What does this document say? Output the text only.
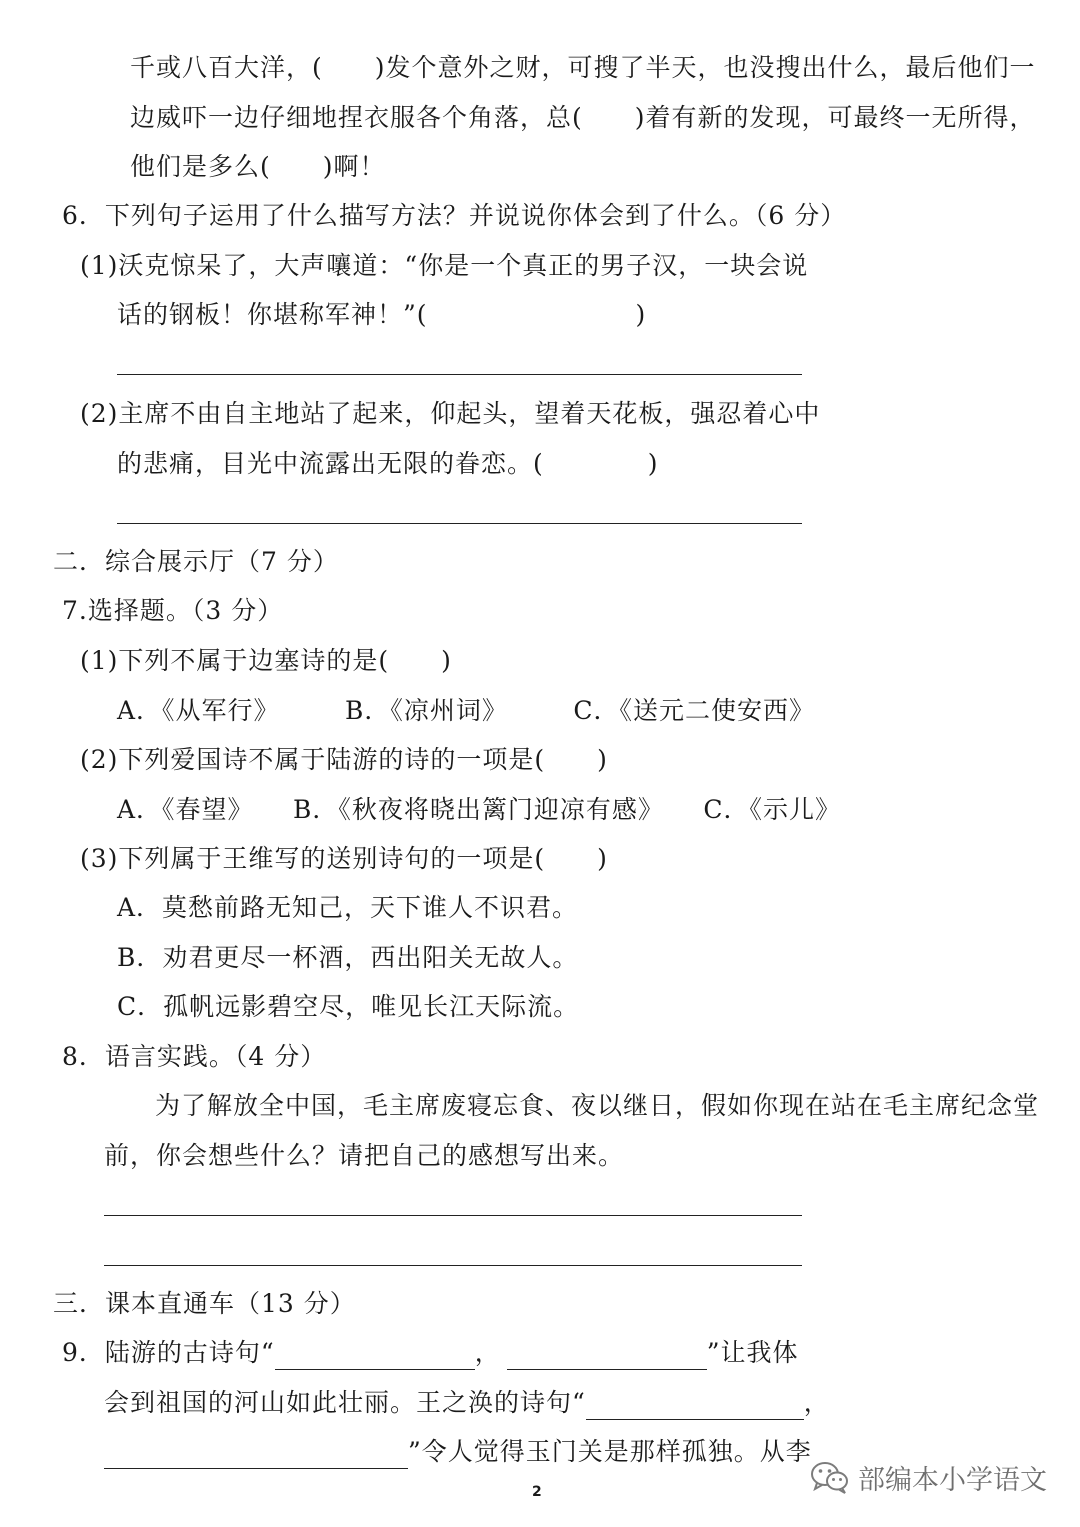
千或八百大洋，(　　)发个意外之财，可搜了半天，也没搜出什么，最后他们一
边威吓一边仔细地捏衣服各个角落，总(　　)着有新的发现，可最终一无所得，
他们是多么(　　)啊！
6．下列句子运用了什么描写方法？并说说你体会到了什么。（6 分）
(1)沃克惊呆了，大声嚷道：“你是一个真正的男子汉，一块会说
话的钢板！你堪称军神！”(　　　　　　　　)
(2)主席不由自主地站了起来，仰起头，望着天花板，强忍着心中
的悲痛，目光中流露出无限的眷恋。(　　　　)
二．综合展示厅（7 分）
7.选择题。（3 分）
(1)下列不属于边塞诗的是(　　)
A．《从军行》　　　B．《凉州词》　　　C．《送元二使安西》
(2)下列爱国诗不属于陆游的诗的一项是(　　)
A．《春望》　　B．《秋夜将晓出篱门迎凉有感》　　C．《示儿》
(3)下列属于王维写的送别诗句的一项是(　　)
A．莫愁前路无知己，天下谁人不识君。
B．劝君更尽一杯酒，西出阳关无故人。
C．孤帆远影碧空尽，唯见长江天际流。
8．语言实践。（4 分）
为了解放全中国，毛主席废寝忘食、夜以继日，假如你现在站在毛主席纪念堂
前，你会想些什么？请把自己的感想写出来。
三．课本直通车（13 分）
9．陆游的古诗句“	，	”让我体
会到祖国的河山如此壮丽。王之涣的诗句“	，
”令人觉得玉门关是那样孤独。从李
2	部编本小学语文
